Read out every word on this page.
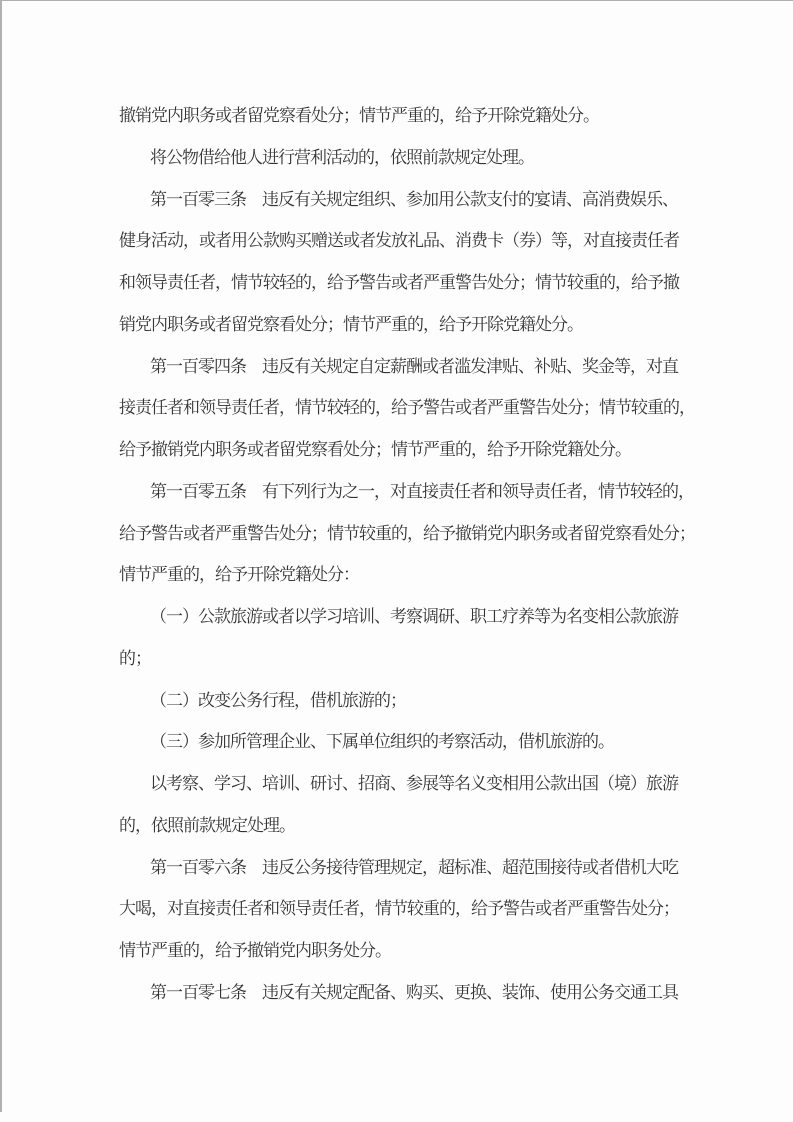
撤销党内职务或者留党察看处分；情节严重的，给予开除党籍处分。
将公物借给他人进行营利活动的，依照前款规定处理。
第一百零三条　违反有关规定组织、参加用公款支付的宴请、高消费娱乐、
健身活动，或者用公款购买赠送或者发放礼品、消费卡（券）等，对直接责任者
和领导责任者，情节较轻的，给予警告或者严重警告处分；情节较重的，给予撤
销党内职务或者留党察看处分；情节严重的，给予开除党籍处分。
第一百零四条　违反有关规定自定薪酬或者滥发津贴、补贴、奖金等，对直
接责任者和领导责任者，情节较轻的，给予警告或者严重警告处分；情节较重的，
给予撤销党内职务或者留党察看处分；情节严重的，给予开除党籍处分。
第一百零五条　有下列行为之一，对直接责任者和领导责任者，情节较轻的，
给予警告或者严重警告处分；情节较重的，给予撤销党内职务或者留党察看处分；
情节严重的，给予开除党籍处分：
（一）公款旅游或者以学习培训、考察调研、职工疗养等为名变相公款旅游
的；
（二）改变公务行程，借机旅游的；
（三）参加所管理企业、下属单位组织的考察活动，借机旅游的。
以考察、学习、培训、研讨、招商、参展等名义变相用公款出国（境）旅游
的，依照前款规定处理。
第一百零六条　违反公务接待管理规定，超标准、超范围接待或者借机大吃
大喝，对直接责任者和领导责任者，情节较重的，给予警告或者严重警告处分；
情节严重的，给予撤销党内职务处分。
第一百零七条　违反有关规定配备、购买、更换、装饰、使用公务交通工具
